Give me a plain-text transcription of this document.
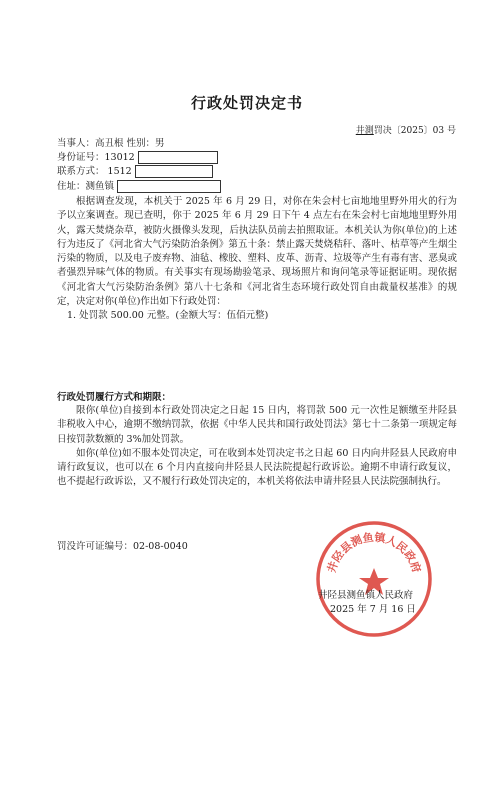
行政处罚决定书
井測罚决〔2025〕03 号
当事人：高丑根 性别：男
身份证号：13012
联系方式： 1512
住址：测鱼镇

根据调查发现，本机关于 2025 年 6 月 29 日，对你在朱会村七亩地地里野外用火的行为予以立案调查。现已查明，你于 2025 年 6 月 29 日下午 4 点左右在朱会村七亩地地里野外用火，露天焚烧杂草，被防火摄像头发现，后执法队员前去拍照取证。本机关认为你(单位)的上述行为违反了《河北省大气污染防治条例》第五十条：禁止露天焚烧秸秆、落叶、枯草等产生烟尘污染的物质，以及电子废弃物、油毡、橡胶、塑料、皮革、沥青、垃圾等产生有毒有害、恶臭或者强烈异味气体的物质。有关事实有现场勘验笔录、现场照片和询问笔录等证据证明。现依据《河北省大气污染防治条例》第八十七条和《河北省生态环境行政处罚自由裁量权基准》的规定，决定对你(单位)作出如下行政处罚：

1. 处罚款 500.00 元整。(金额大写：伍佰元整)

行政处罚履行方式和期限：

限你(单位)自接到本行政处罚决定之日起 15 日内，将罚款 500 元一次性足额缴至井陉县非税收入中心，逾期不缴纳罚款，依据《中华人民共和国行政处罚法》第七十二条第一项规定每日按罚款数额的 3%加处罚款。

如你(单位)如不服本处罚决定，可在收到本处罚决定书之日起 60 日内向井陉县人民政府申请行政复议，也可以在 6 个月内直接向井陉县人民法院提起行政诉讼。逾期不申请行政复议，也不提起行政诉讼，又不履行行政处罚决定的，本机关将依法申请井陉县人民法院强制执行。

罚没许可证编号：02-08-0040
井陉县测鱼镇人民政府
井陉县测鱼镇人民政府
2025 年 7 月 16 日
